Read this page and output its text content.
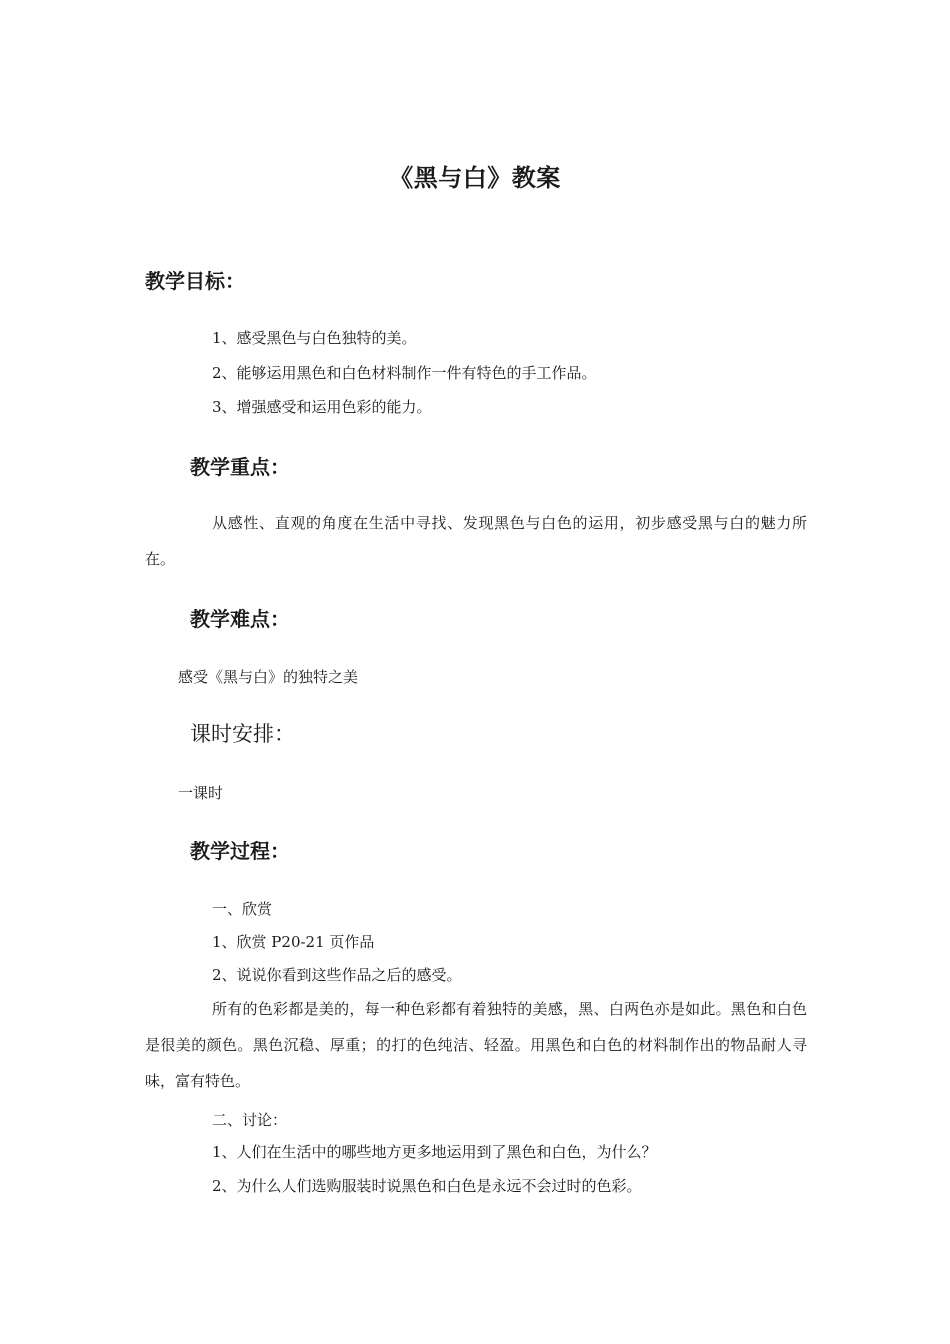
《黑与白》教案
教学目标：

1、感受黑色与白色独特的美。

2、能够运用黑色和白色材料制作一件有特色的手工作品。

3、增强感受和运用色彩的能力。

教学重点：

从感性、直观的角度在生活中寻找、发现黑色与白色的运用，初步感受黑与白的魅力所在。

教学难点：

感受《黑与白》的独特之美

课时安排：

一课时

教学过程：

一、欣赏

1、欣赏 P20-21 页作品

2、说说你看到这些作品之后的感受。

所有的色彩都是美的，每一种色彩都有着独特的美感，黑、白两色亦是如此。黑色和白色是很美的颜色。黑色沉稳、厚重；的打的色纯洁、轻盈。用黑色和白色的材料制作出的物品耐人寻味，富有特色。

二、讨论：

1、人们在生活中的哪些地方更多地运用到了黑色和白色，为什么？

2、为什么人们选购服装时说黑色和白色是永远不会过时的色彩。
